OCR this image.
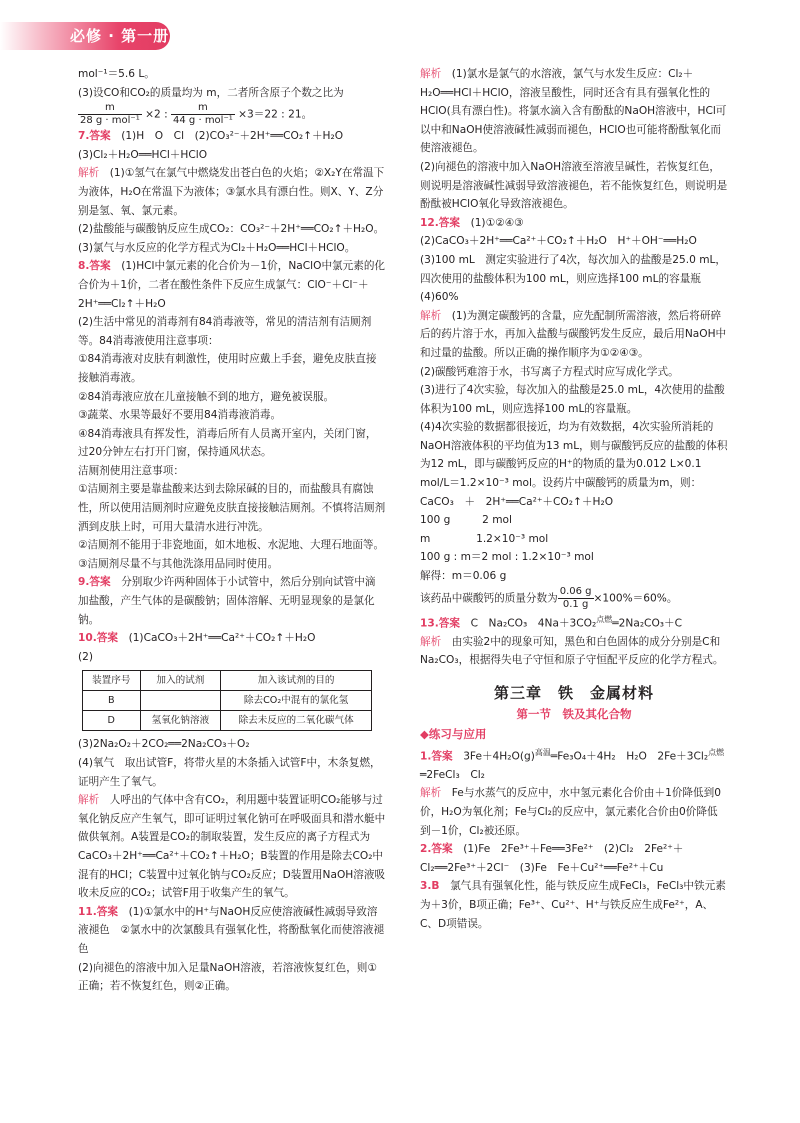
必修 · 第一册

mol⁻¹＝5.6 L。

(3)设CO和CO₂的质量均为 m，二者所含原子个数之比为

$\frac{m}{\text{28 g · mol⁻¹}} \times 2$ : $\frac{m}{\text{44 g · mol⁻¹}} \times 3=22$ : 21。

7.答案　 (1)H　O　Cl　(2)CO₃²⁻＋2H⁺══CO₂↑＋H₂O

(3)Cl₂＋H₂O══HCl＋HClO

解析　 (1)①氢气在氯气中燃烧发出苍白色的火焰；②X₂Y在常温下为液体，H₂O在常温下为液体；③氯水具有漂白性。则X、Y、Z分别是氢、氧、氯元素。

(2)盐酸能与碳酸钠反应生成CO₂：CO₃²⁻＋2H⁺══CO₂↑＋H₂O。

(3)氯气与水反应的化学方程式为Cl₂＋H₂O══HCl＋HClO。

8.答案　 (1)HCl中氯元素的化合价为－1价，NaClO中氯元素的化合价为＋1价，二者在酸性条件下反应生成氯气：ClO⁻＋Cl⁻＋2H⁺══Cl₂↑＋H₂O

(2)生活中常见的消毒剂有84消毒液等，常见的清洁剂有洁厕剂等。84消毒液使用注意事项：

①84消毒液对皮肤有刺激性，使用时应戴上手套，避免皮肤直接接触消毒液。

②84消毒液应放在儿童接触不到的地方，避免被误服。

③蔬菜、水果等最好不要用84消毒液消毒。

④84消毒液具有挥发性，消毒后所有人员离开室内，关闭门窗，过20分钟左右打开门窗，保持通风状态。

洁厕剂使用注意事项：

①洁厕剂主要是靠盐酸来达到去除尿碱的目的，而盐酸具有腐蚀性，所以使用洁厕剂时应避免皮肤直接接触洁厕剂。不慎将洁厕剂洒到皮肤上时，可用大量清水进行冲洗。

②洁厕剂不能用于非瓷地面，如木地板、水泥地、大理石地面等。

③洁厕剂尽量不与其他洗涤用品同时使用。

9.答案　 分别取少许两种固体于小试管中，然后分别向试管中滴加盐酸，产生气体的是碳酸钠；固体溶解、无明显现象的是氯化钠。

10.答案　 (1)CaCO₃＋2H⁺══Ca²⁺＋CO₂↑＋H₂O

(2)

装置序号	加入的试剂	加入该试剂的目的
B		除去CO₂中混有的氯化氢
D	氢氧化钠溶液	除去未反应的二氧化碳气体

(3)2Na₂O₂＋2CO₂══2Na₂CO₃＋O₂

(4)氧气　取出试管F，将带火星的木条插入试管F中，木条复燃，证明产生了氧气。

解析　 人呼出的气体中含有CO₂，利用题中装置证明CO₂能够与过氧化钠反应产生氧气，即可证明过氧化钠可在呼吸面具和潜水艇中做供氧剂。A装置是CO₂的制取装置，发生反应的离子方程式为CaCO₃＋2H⁺══Ca²⁺＋CO₂↑＋H₂O；B装置的作用是除去CO₂中混有的HCl；C装置中过氧化钠与CO₂反应；D装置用NaOH溶液吸收未反应的CO₂；试管F用于收集产生的氧气。

11.答案　 (1)①氯水中的H⁺与NaOH反应使溶液碱性减弱导致溶液褪色　②氯水中的次氯酸具有强氧化性，将酚酞氧化而使溶液褪色

(2)向褪色的溶液中加入足量NaOH溶液，若溶液恢复红色，则①正确；若不恢复红色，则②正确。

解析　 (1)氯水是氯气的水溶液，氯气与水发生反应：Cl₂＋H₂O══HCl＋HClO，溶液呈酸性，同时还含有具有强氧化性的HClO(具有漂白性)。将氯水滴入含有酚酞的NaOH溶液中，HCl可以中和NaOH使溶液碱性减弱而褪色，HClO也可能将酚酞氧化而使溶液褪色。

(2)向褪色的溶液中加入NaOH溶液至溶液呈碱性，若恢复红色，则说明是溶液碱性减弱导致溶液褪色，若不能恢复红色，则说明是酚酞被HClO氧化导致溶液褪色。

12.答案　 (1)①②④③

(2)CaCO₃＋2H⁺══Ca²⁺＋CO₂↑＋H₂O　H⁺＋OH⁻══H₂O

(3)100 mL　测定实验进行了4次，每次加入的盐酸是25.0 mL，四次使用的盐酸体积为100 mL，则应选择100 mL的容量瓶

(4)60%

解析　 (1)为测定碳酸钙的含量，应先配制所需溶液，然后将研碎后的药片溶于水，再加入盐酸与碳酸钙发生反应，最后用NaOH中和过量的盐酸。所以正确的操作顺序为①②④③。

(2)碳酸钙难溶于水，书写离子方程式时应写成化学式。

(3)进行了4次实验，每次加入的盐酸是25.0 mL，4次使用的盐酸体积为100 mL，则应选择100 mL的容量瓶。

(4)4次实验的数据都很接近，均为有效数据，4次实验所消耗的NaOH溶液体积的平均值为13 mL，则与碳酸钙反应的盐酸的体积为12 mL，即与碳酸钙反应的H⁺的物质的量为0.012 L×0.1 mol/L＝1.2×10⁻³ mol。设药片中碳酸钙的质量为m，则：

CaCO₃　 ＋　2H⁺══Ca²⁺＋CO₂↑＋H₂O

100 g　　　	2 mol

m　　　　	1.2×10⁻³ mol

100 g : m＝2 mol : 1.2×10⁻³ mol

解得：m＝0.06 g

该药品中碳酸钙的质量分数为 $\frac{0.06 g}{0.1 g} \times 100\%=60\%$。

13.答案　 C　Na₂CO₃　4Na＋3CO₂$^{点燃}$═2Na₂CO₃＋C

解析　 由实验2中的现象可知，黑色和白色固体的成分分别是C和Na₂CO₃，根据得失电子守恒和原子守恒配平反应的化学方程式。

第三章　铁　金属材料
第一节　铁及其化合物
◆练习与应用

1.答案　 $3Fe+4H_2O(g)^{高温}═Fe_3O_4+4H_2$　H₂O　2Fe＋3Cl₂$^{点燃}$═2FeCl₃　Cl₂

解析　 Fe与水蒸气的反应中，水中氢元素化合价由＋1价降低到0价，H₂O为氧化剂；Fe与Cl₂的反应中，氯元素化合价由0价降低到－1价，Cl₂被还原。

2.答案　 (1)Fe　2Fe³⁺＋Fe══3Fe²⁺　(2)Cl₂　2Fe²⁺＋Cl₂══2Fe³⁺＋2Cl⁻　(3)Fe　Fe＋Cu²⁺══Fe²⁺＋Cu

3.B　 氯气具有强氧化性，能与铁反应生成FeCl₃，FeCl₃中铁元素为＋3价，B项正确；Fe³⁺、Cu²⁺、H⁺与铁反应生成Fe²⁺，A、C、D项错误。
